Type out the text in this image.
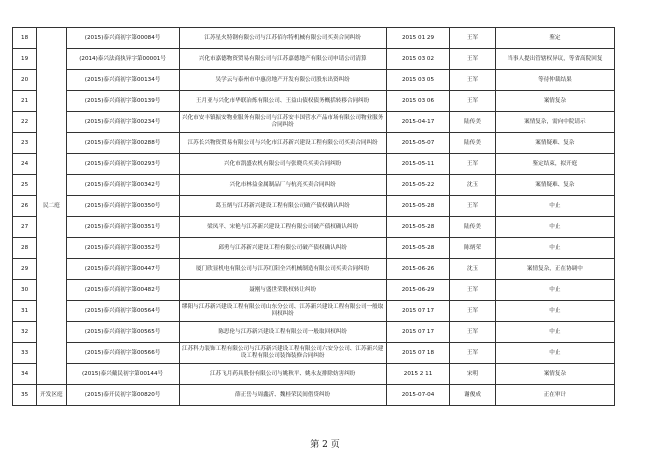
18	民二庭	(2015)泰兴商初字第00084号	江苏星火特钢有限公司与江苏佰尔特机械有限公司买卖合同纠纷	2015 01 29	王军	鉴定
19		(2014)泰兴法商执异字第00001号	兴化市嘉德物资贸易有限公司与江苏嘉德地产有限公司申请公司清算	2015 03 02	王军	当事人提出管辖权异议，等省高院回复
20		(2015)泰兴商初字第00134号	吴学云与泰州市中惠房地产开发有限公司股东出资纠纷	2015 03 05	王军	等待仲裁结果
21		(2015)泰兴商初字第00139号	王月亚与兴化市华联冶炼有限公司、王益山债权债务概括转移合同纠纷	2015 03 06	王军	案情复杂
22		(2015)泰兴商初字第00234号	兴化市安丰镇振安物业服务有限公司与江苏安丰国营水产品市场有限公司物业服务合同纠纷	2015-04-17	陆传美	案情复杂，需向中院请示
23		(2015)泰兴商初字第00288号	江苏长兴物资贸易有限公司与兴化市江苏新兴建设工程有限公司买卖合同纠纷	2015-05-07	陆传美	案情疑难、复杂
24		(2015)泰兴商初字第00293号	兴化市凯盛农机有限公司与张晓兵买卖合同纠纷	2015-05-11	王军	鉴定结束，拟开庭
25		(2015)泰兴商初字第00342号	兴化市林益金属制品厂与杭亮买卖合同纠纷	2015-05-22	沈玉	案情疑难、复杂
26		(2015)泰兴商初字第00350号	葛玉炳与江苏新兴建设工程有限公司破产债权确认纠纷	2015-05-28	王军	中止
27		(2015)泰兴商初字第00351号	梁凤平、宋艳与江苏新兴建设工程有限公司破产债权确认纠纷	2015-05-28	陆传美	中止
28		(2015)泰兴商初字第00352号	邱勇与江苏新兴建设工程有限公司破产债权确认纠纷	2015-05-28	陈炳荣	中止
29		(2015)泰兴商初字第00447号	厦门欣显机电有限公司与江苏红阳全兴机械制造有限公司买卖合同纠纷	2015-06-26	沈玉	案情复杂，正在协调中
30		(2015)泰兴商初字第00482号	聂刚与盛世荣股权转让纠纷	2015-06-29	王军	中止
31		(2015)泰兴商初字第00564号	缪阳与江苏新兴建设工程有限公司山东分公司、江苏新兴建设工程有限公司一般取回权纠纷	2015 07 17	王军	中止
32		(2015)泰兴商初字第00565号	陈思伦与江苏新兴建设工程有限公司一般取回权纠纷	2015 07 17	王军	中止
33		(2015)泰兴商初字第00566号	江苏科力装饰工程有限公司与江苏新兴建设工程有限公司六安分公司、江苏新兴建设工程有限公司装饰装修合同纠纷	2015 07 18	王军	中止
34		(2015)泰兴戴民初字第00144号	江苏飞月药具股份有限公司与姚秋平、姚永友排除妨害纠纷	2015 2 11	宋明	案情复杂
35	开发区庭	(2015)泰开民初字第00820号	薛正岳与周鑫沂、魏桂荣民间借贷纠纷	2015-07-04	谢俊成	正在审计
第 2 页
